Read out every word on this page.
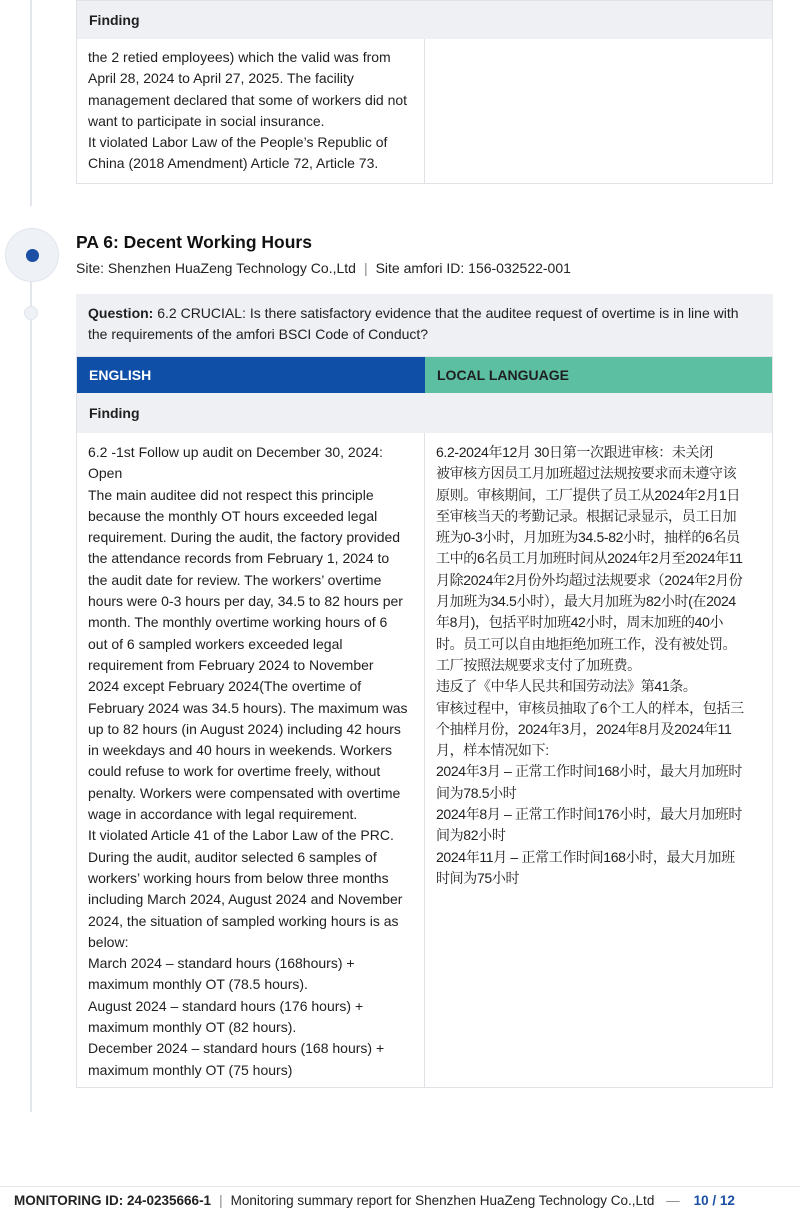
Finding
the 2 retied employees) which the valid was from
April 28, 2024 to April 27, 2025. The facility
management declared that some of workers did not
want to participate in social insurance.
It violated Labor Law of the People’s Republic of
China (2018 Amendment) Article 72, Article 73.
PA 6: Decent Working Hours
Site: Shenzhen HuaZeng Technology Co.,Ltd | Site amfori ID: 156-032522-001
Question: 6.2 CRUCIAL: Is there satisfactory evidence that the auditee request of overtime is in line with
the requirements of the amfori BSCI Code of Conduct?
ENGLISH	LOCAL LANGUAGE
Finding
6.2 -1st Follow up audit on December 30, 2024:
Open
The main auditee did not respect this principle
because the monthly OT hours exceeded legal
requirement. During the audit, the factory provided
the attendance records from February 1, 2024 to
the audit date for review. The workers’ overtime
hours were 0-3 hours per day, 34.5 to 82 hours per
month. The monthly overtime working hours of 6
out of 6 sampled workers exceeded legal
requirement from February 2024 to November
2024 except February 2024(The overtime of
February 2024 was 34.5 hours). The maximum was
up to 82 hours (in August 2024) including 42 hours
in weekdays and 40 hours in weekends. Workers
could refuse to work for overtime freely, without
penalty. Workers were compensated with overtime
wage in accordance with legal requirement.
It violated Article 41 of the Labor Law of the PRC.
During the audit, auditor selected 6 samples of
workers’ working hours from below three months
including March 2024, August 2024 and November
2024, the situation of sampled working hours is as
below:
March 2024 – standard hours (168hours) +
maximum monthly OT (78.5 hours).
August 2024 – standard hours (176 hours) +
maximum monthly OT (82 hours).
December 2024 – standard hours (168 hours) +
maximum monthly OT (75 hours)
6.2-2024年12月 30日第一次跟进审核：未关闭
被审核方因员工月加班超过法规按要求而未遵守该
原则。审核期间，工厂提供了员工从2024年2月1日
至审核当天的考勤记录。根据记录显示，员工日加
班为0-3小时，月加班为34.5-82小时，抽样的6名员
工中的6名员工月加班时间从2024年2月至2024年11
月除2024年2月份外均超过法规要求（2024年2月份
月加班为34.5小时），最大月加班为82小时(在2024
年8月)，包括平时加班42小时，周末加班的40小
时。员工可以自由地拒绝加班工作，没有被处罚。
工厂按照法规要求支付了加班费。
违反了《中华人民共和国劳动法》第41条。
审核过程中，审核员抽取了6个工人的样本，包括三
个抽样月份，2024年3月，2024年8月及2024年11
月，样本情况如下:
2024年3月 – 正常工作时间168小时，最大月加班时
间为78.5小时
2024年8月 – 正常工作时间176小时，最大月加班时
间为82小时
2024年11月 – 正常工作时间168小时，最大月加班
时间为75小时
MONITORING ID: 24-0235666-1 | Monitoring summary report for Shenzhen HuaZeng Technology Co.,Ltd — 10 / 12
